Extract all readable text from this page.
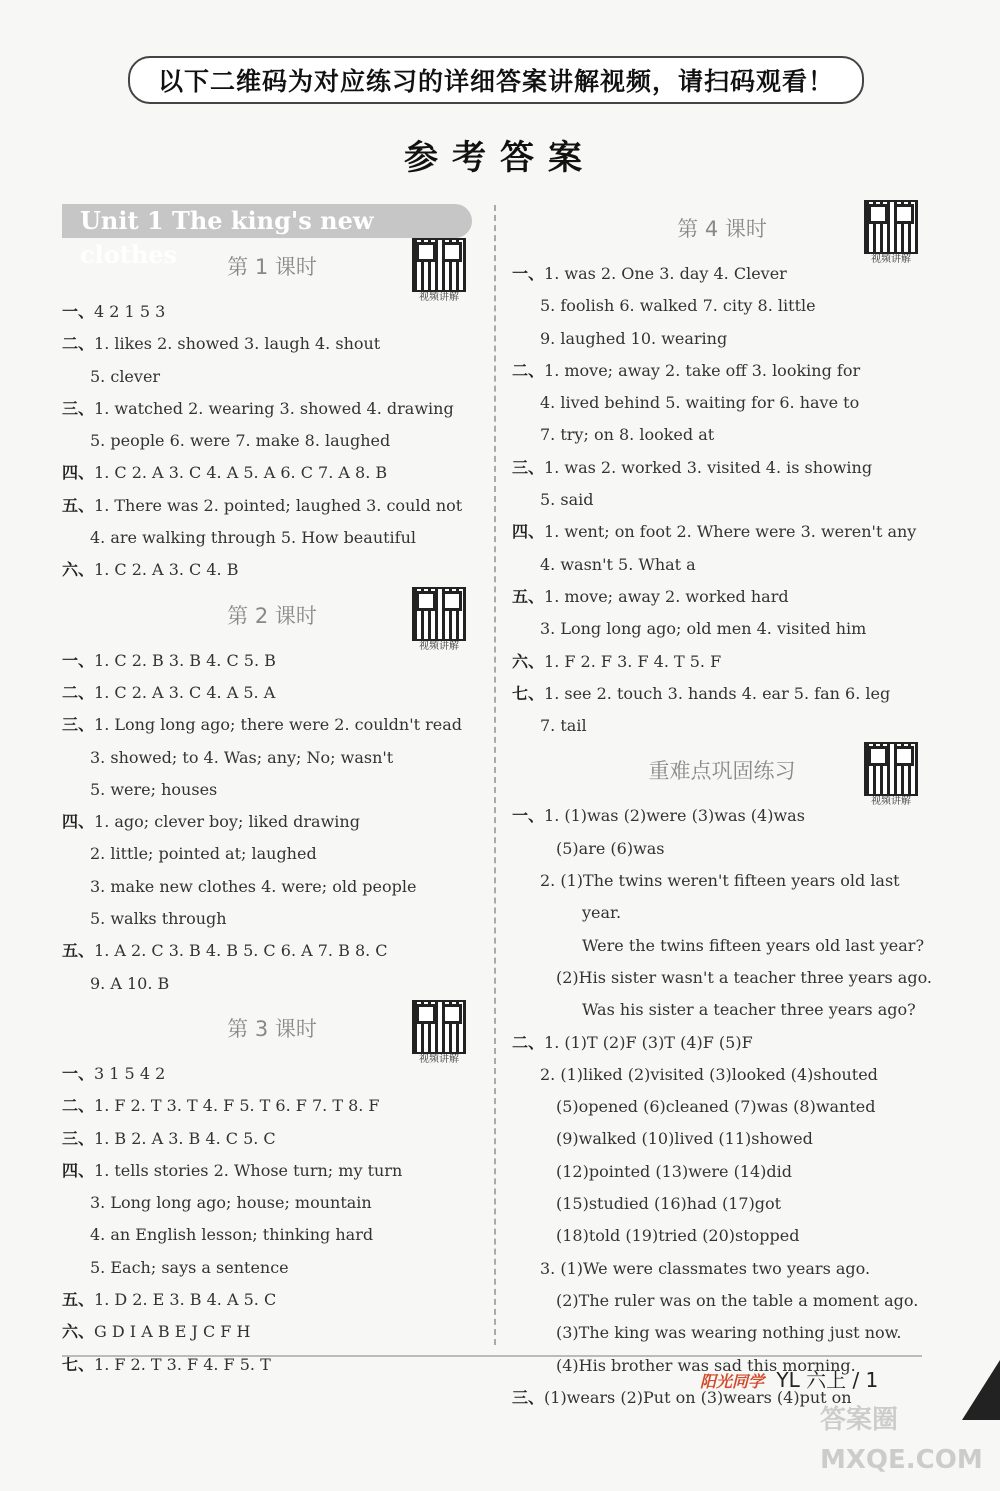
以下二维码为对应练习的详细答案讲解视频，请扫码观看！
参考答案
Unit 1 The king's new clothes	第 1 课时
视频讲解
一、4 2 1 5 3
二、1. likes 2. showed 3. laugh 4. shout
5. clever
三、1. watched 2. wearing 3. showed 4. drawing
5. people 6. were 7. make 8. laughed
四、1. C 2. A 3. C 4. A 5. A 6. C 7. A 8. B
五、1. There was 2. pointed; laughed 3. could not
4. are walking through 5. How beautiful
六、1. C 2. A 3. C 4. B
第 2 课时
视频讲解
一、1. C 2. B 3. B 4. C 5. B
二、1. C 2. A 3. C 4. A 5. A
三、1. Long long ago; there were 2. couldn't read
3. showed; to 4. Was; any; No; wasn't
5. were; houses
四、1. ago; clever boy; liked drawing
2. little; pointed at; laughed
3. make new clothes 4. were; old people
5. walks through
五、1. A 2. C 3. B 4. B 5. C 6. A 7. B 8. C
9. A 10. B
第 3 课时
视频讲解
一、3 1 5 4 2
二、1. F 2. T 3. T 4. F 5. T 6. F 7. T 8. F
三、1. B 2. A 3. B 4. C 5. C
四、1. tells stories 2. Whose turn; my turn
3. Long long ago; house; mountain
4. an English lesson; thinking hard
5. Each; says a sentence
五、1. D 2. E 3. B 4. A 5. C
六、G D I A B E J C F H
七、1. F 2. T 3. F 4. F 5. T
第 4 课时
视频讲解
一、1. was 2. One 3. day 4. Clever
5. foolish 6. walked 7. city 8. little
9. laughed 10. wearing
二、1. move; away 2. take off 3. looking for
4. lived behind 5. waiting for 6. have to
7. try; on 8. looked at
三、1. was 2. worked 3. visited 4. is showing
5. said
四、1. went; on foot 2. Where were 3. weren't any
4. wasn't 5. What a
五、1. move; away 2. worked hard
3. Long long ago; old men 4. visited him
六、1. F 2. F 3. F 4. T 5. F
七、1. see 2. touch 3. hands 4. ear 5. fan 6. leg
7. tail
重难点巩固练习
视频讲解
一、1. (1)was (2)were (3)was (4)was
(5)are (6)was
2. (1)The twins weren't fifteen years old last
year.
Were the twins fifteen years old last year?
(2)His sister wasn't a teacher three years ago.
Was his sister a teacher three years ago?
二、1. (1)T (2)F (3)T (4)F (5)F
2. (1)liked (2)visited (3)looked (4)shouted
(5)opened (6)cleaned (7)was (8)wanted
(9)walked (10)lived (11)showed
(12)pointed (13)were (14)did
(15)studied (16)had (17)got
(18)told (19)tried (20)stopped
3. (1)We were classmates two years ago.
(2)The ruler was on the table a moment ago.
(3)The king was wearing nothing just now.
(4)His brother was sad this morning.
三、(1)wears (2)Put on (3)wears (4)put on
阳光同学 YL 六上 / 1
答案圈 MXQE.COM
